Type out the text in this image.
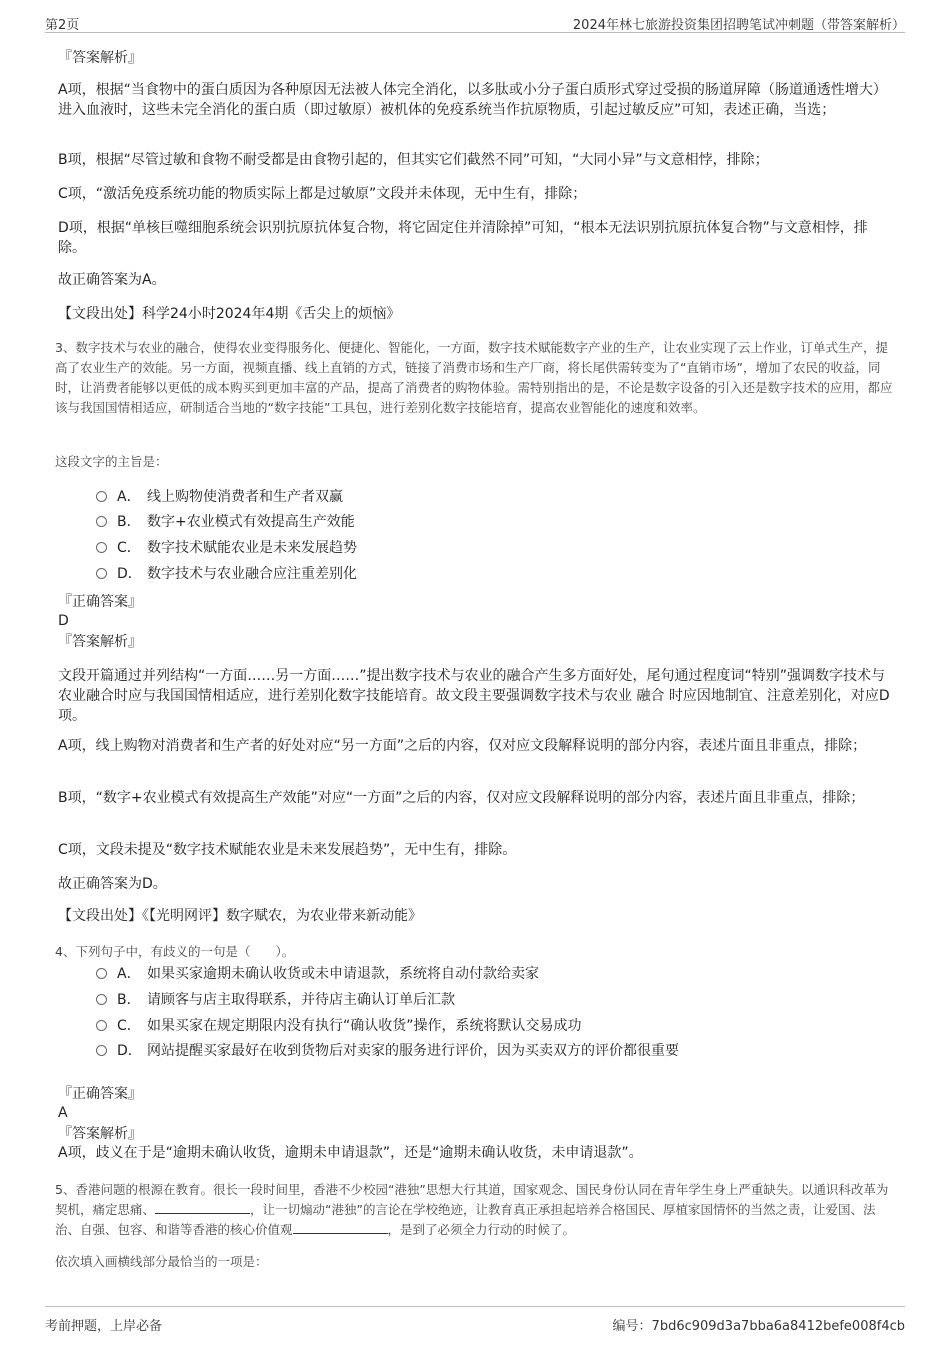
第2页	2024年林七旅游投资集团招聘笔试冲刺题（带答案解析）
『答案解析』
A项，根据“当食物中的蛋白质因为各种原因无法被人体完全消化，以多肽或小分子蛋白质形式穿过受损的肠道屏障（肠道通透性增大）进入血液时，这些未完全消化的蛋白质（即过敏原）被机体的免疫系统当作抗原物质，引起过敏反应”可知，表述正确，当选；
B项，根据“尽管过敏和食物不耐受都是由食物引起的，但其实它们截然不同”可知，“大同小异”与文意相悖，排除；
C项，“激活免疫系统功能的物质实际上都是过敏原”文段并未体现，无中生有，排除；
D项，根据“单核巨噬细胞系统会识别抗原抗体复合物，将它固定住并清除掉”可知，“根本无法识别抗原抗体复合物”与文意相悖，排除。
故正确答案为A。
【文段出处】科学24小时2024年4期《舌尖上的烦恼》
3、数字技术与农业的融合，使得农业变得服务化、便捷化、智能化，一方面，数字技术赋能数字产业的生产，让农业实现了云上作业，订单式生产，提高了农业生产的效能。另一方面，视频直播、线上直销的方式，链接了消费市场和生产厂商，将长尾供需转变为了“直销市场”，增加了农民的收益，同时，让消费者能够以更低的成本购买到更加丰富的产品，提高了消费者的购物体验。需特别指出的是，不论是数字设备的引入还是数字技术的应用，都应该与我国国情相适应，研制适合当地的“数字技能”工具包，进行差别化数字技能培育，提高农业智能化的速度和效率。
这段文字的主旨是：
A． 线上购物使消费者和生产者双赢
B． 数字+农业模式有效提高生产效能
C． 数字技术赋能农业是未来发展趋势
D． 数字技术与农业融合应注重差别化
『正确答案』
D
『答案解析』
文段开篇通过并列结构“一方面……另一方面……”提出数字技术与农业的融合产生多方面好处，尾句通过程度词“特别”强调数字技术与农业融合时应与我国国情相适应，进行差别化数字技能培育。故文段主要强调数字技术与农业 融合 时应因地制宜、注意差别化，对应D项。
A项，线上购物对消费者和生产者的好处对应“另一方面”之后的内容，仅对应文段解释说明的部分内容，表述片面且非重点，排除；
B项，“数字+农业模式有效提高生产效能”对应“一方面”之后的内容，仅对应文段解释说明的部分内容，表述片面且非重点，排除；
C项，文段未提及“数字技术赋能农业是未来发展趋势”，无中生有，排除。
故正确答案为D。
【文段出处】《【光明网评】数字赋农，为农业带来新动能》
4、下列句子中，有歧义的一句是（　　）。
A． 如果买家逾期未确认收货或未申请退款，系统将自动付款给卖家
B． 请顾客与店主取得联系，并待店主确认订单后汇款
C． 如果买家在规定期限内没有执行“确认收货”操作，系统将默认交易成功
D． 网站提醒买家最好在收到货物后对卖家的服务进行评价，因为买卖双方的评价都很重要
『正确答案』
A
『答案解析』
A项，歧义在于是“逾期未确认收货，逾期未申请退款”，还是“逾期未确认收货，未申请退款”。
5、香港问题的根源在教育。很长一段时间里，香港不少校园“港独”思想大行其道，国家观念、国民身份认同在青年学生身上严重缺失。以通识科改革为契机，痛定思痛、	，让一切煽动“港独”的言论在学校绝迹，让教育真正承担起培养合格国民、厚植家国情怀的当然之责，让爱国、法治、自强、包容、和谐等香港的核心价值观	，是到了必须全力行动的时候了。
依次填入画横线部分最恰当的一项是：
考前押题，上岸必备	编号：7bd6c909d3a7bba6a8412befe008f4cb
